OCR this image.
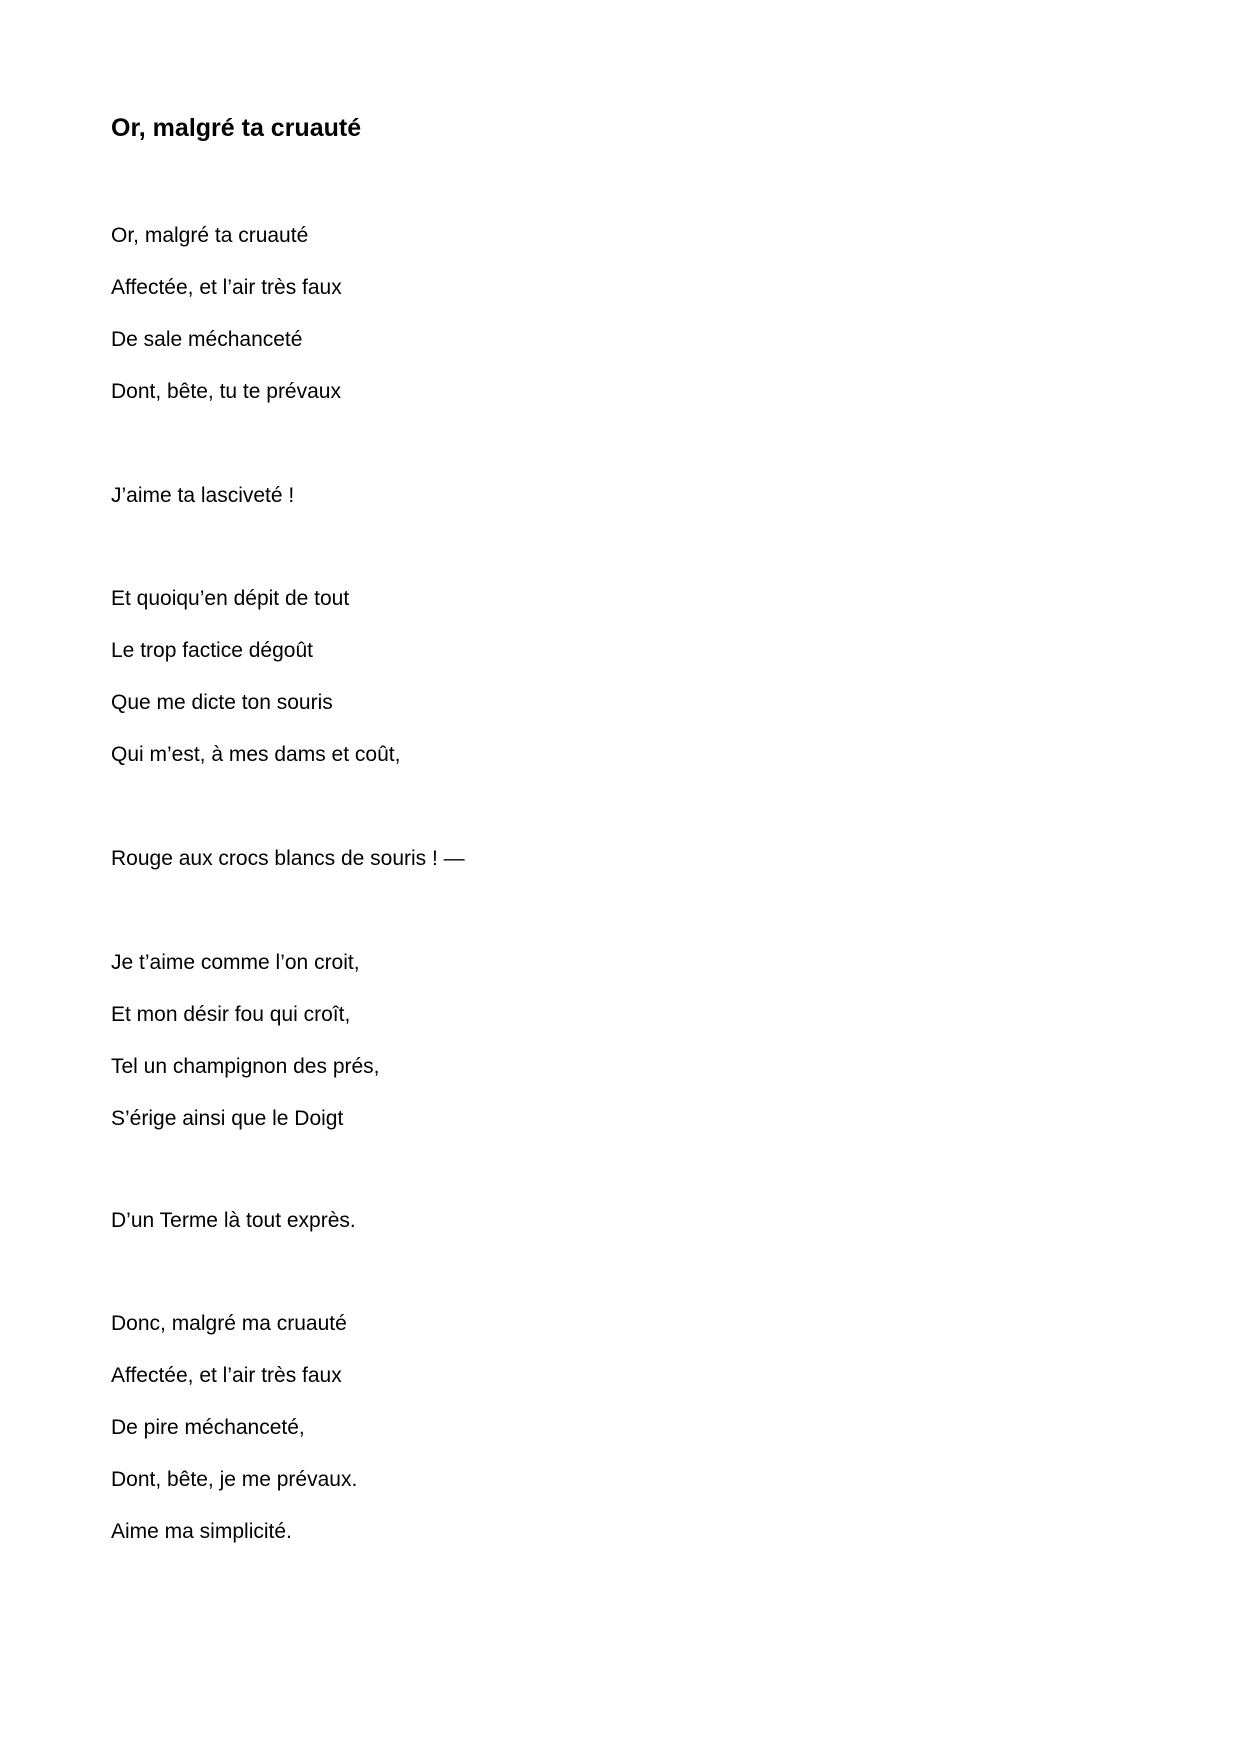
Or, malgré ta cruauté

Or, malgré ta cruauté

Affectée, et l’air très faux

De sale méchanceté

Dont, bête, tu te prévaux

J’aime ta lasciveté !

Et quoiqu’en dépit de tout

Le trop factice dégoût

Que me dicte ton souris

Qui m’est, à mes dams et coût,

Rouge aux crocs blancs de souris ! —

Je t’aime comme l’on croit,

Et mon désir fou qui croît,

Tel un champignon des prés,

S’érige ainsi que le Doigt

D’un Terme là tout exprès.

Donc, malgré ma cruauté

Affectée, et l’air très faux

De pire méchanceté,

Dont, bête, je me prévaux.

Aime ma simplicité.
